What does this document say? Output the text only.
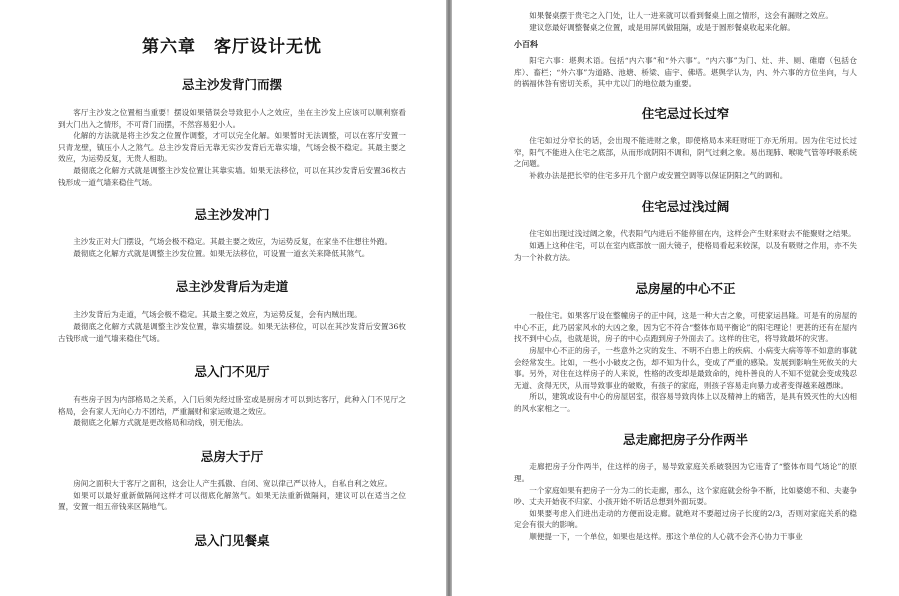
第六章　客厅设计无忧
忌主沙发背门而摆

客厅主沙发之位置相当重要！摆设如果错误会导致犯小人之效应，坐在主沙发上应该可以顺利察看到大门出入之情形，不可背门而摆，不然容易犯小人。

化解的方法就是将主沙发之位置作调整，才可以完全化解。如果暂时无法调整，可以在客厅安置一只青龙壁，镇压小人之煞气。总主沙发背后无靠无实沙发背后无靠实墙，气场会极不稳定。其最主要之效应，为运势反复，无贵人相助。

最彻底之化解方式就是调整主沙发位置让其靠实墙。如果无法移位，可以在其沙发背后安置36枚古钱形成一道气墙来稳住气场。

忌主沙发冲门

主沙发正对大门摆设，气场会极不稳定。其最主要之效应，为运势反复，在家坐不住想往外跑。

最彻底之化解方式就是调整主沙发位置。如果无法移位，可设置一道玄关来降低其煞气。

忌主沙发背后为走道

主沙发背后为走道，气场会极不稳定。其最主要之效应，为运势反复，会有内贼出现。

最彻底之化解方式就是调整主沙发位置，靠实墙摆设。如果无法移位，可以在其沙发背后安置36枚古钱形成一道气墙来稳住气场。

忌入门不见厅

有些房子因为内部格局之关系，入门后须先经过卧室或是厨房才可以到达客厅，此种入门不见厅之格局，会有家人无向心力不团结，严重漏财和家运败退之效应。

最彻底之化解方式就是更改格局和动线，别无他法。

忌房大于厅

房间之面积大于客厅之面积，这会让人产生孤傲、自闭、宽以律己严以待人，自私自利之效应。

如果可以最好重新做隔间这样才可以彻底化解煞气。如果无法重新做隔间，建议可以在适当之位置，安置一组五帝钱来区隔地气。

忌入门见餐桌

如果餐桌摆于贵宅之入门处，让人一进来就可以看到餐桌上面之情形，这会有漏财之效应。

建议您最好调整餐桌之位置，或是用屏风做阻隔，或是于圆形餐桌收起来化解。

小百科

阳宅六事：堪舆术语。包括“内六事”和“外六事”。“内六事”为门、灶、井、厕、碓磨（包括仓库）、畜栏；“外六事”为道路、池塘、桥梁、庙宇、佛塔。堪舆学认为，内、外六事的方位坐向，与人的祸福休咎有密切关系，其中尤以门的地位最为重要。

住宅忌过长过窄

住宅如过分窄长的话，会出现不能进财之象，即使格局本来旺财旺丁亦无所用。因为住宅过长过窄，阳气不能进入住宅之底部，从而形成阴阳不调和，阴气过剩之象。易出现肺、喉咙气管等呼吸系统之问题。

补救办法是把长窄的住宅多开几个窗户或安置空调等以保证阴阳之气的调和。

住宅忌过浅过阔

住宅如出现过浅过阔之象，代表阳气内进后不能停留在内，这样会产生财来财去不能聚财之结果。

如遇上这种住宅，可以在室内底部放一面大镜子，使格局看起来较深，以及有吸财之作用，亦不失为一个补救方法。

忌房屋的中心不正

一般住宅。如果客厅设在整幢房子的正中间，这是一种大吉之象，可使家运昌隆。可是有的房屋的中心不正，此乃居家风水的大凶之象，因为它不符合“整体布局平衡论”的阳宅理论！更甚的还有在屋内找不到中心点，也就是说，房子的中心点跑到房子外面去了。这样的住宅，将导致最坏的灾害。

房屋中心不正的房子，一些意外之灾的发生、不明不白患上的疾病、小病变大病等等不如意的事就会经常发生。比如，一些小小破皮之伤，却不知为什么，变成了严重的感染。发展到影响生死攸关的大事。另外，对住在这样房子的人来说，性格的改变却是最致命的，纯朴善良的人不知不觉就会变成残忍无道、贪得无厌，从而导致事业的破败，有孩子的家庭，则孩子容易走向暴力或者变得越来越愚昧。

所以，建筑或设有中心的房屋居室，很容易导致肉体上以及精神上的痛苦，是具有毁灭性的大凶相的风水家相之一。

忌走廊把房子分作两半

走廊把房子分作两半，住这样的房子，易导致家庭关系破裂因为它违背了“整体布局气场论”的原理。

一个家庭如果有把房子一分为二的长走廊，那么，这个家庭就会纷争不断，比如婆媳不和、夫妻争吵、丈夫开始夜不归家、小孩开始不听话总想到外面玩耍。

如果要考虑入们进出走动的方便而设走廊。就绝对不要超过房子长度的2/3，否则对家庭关系的稳定会有很大的影响。

顺便提一下，一个单位，如果也是这样。那这个单位的人心就不会齐心协力干事业
